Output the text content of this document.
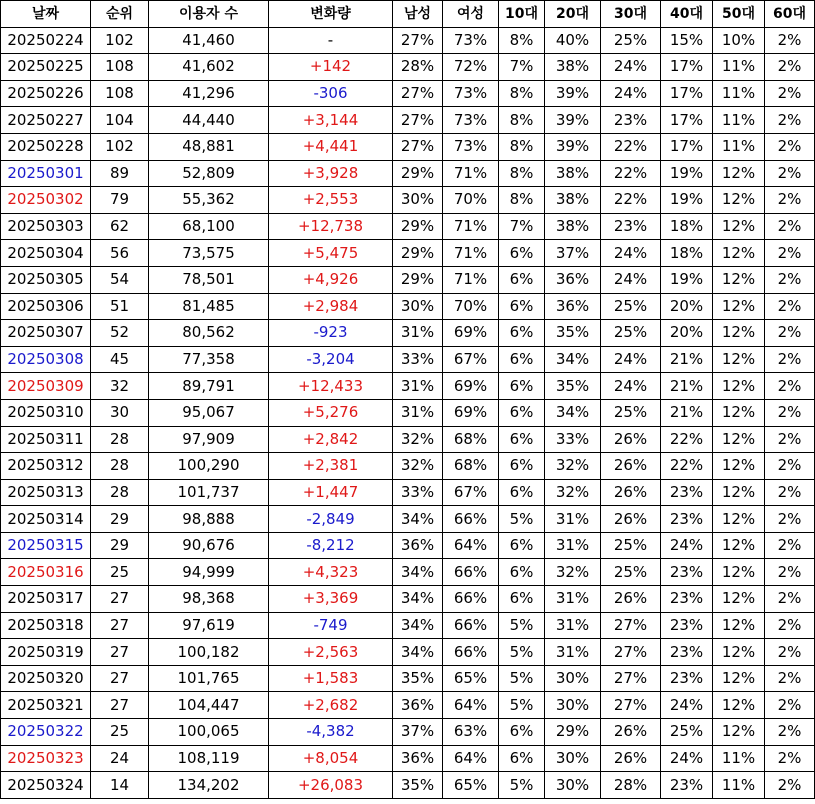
날짜	순위	이용자 수	변화량	남성	여성	10대	20대	30대	40대	50대	60대
20250224	102	41,460	-	27%	73%	8%	40%	25%	15%	10%	2%
20250225	108	41,602	+142	28%	72%	7%	38%	24%	17%	11%	2%
20250226	108	41,296	-306	27%	73%	8%	39%	24%	17%	11%	2%
20250227	104	44,440	+3,144	27%	73%	8%	39%	23%	17%	11%	2%
20250228	102	48,881	+4,441	27%	73%	8%	39%	22%	17%	11%	2%
20250301	89	52,809	+3,928	29%	71%	8%	38%	22%	19%	12%	2%
20250302	79	55,362	+2,553	30%	70%	8%	38%	22%	19%	12%	2%
20250303	62	68,100	+12,738	29%	71%	7%	38%	23%	18%	12%	2%
20250304	56	73,575	+5,475	29%	71%	6%	37%	24%	18%	12%	2%
20250305	54	78,501	+4,926	29%	71%	6%	36%	24%	19%	12%	2%
20250306	51	81,485	+2,984	30%	70%	6%	36%	25%	20%	12%	2%
20250307	52	80,562	-923	31%	69%	6%	35%	25%	20%	12%	2%
20250308	45	77,358	-3,204	33%	67%	6%	34%	24%	21%	12%	2%
20250309	32	89,791	+12,433	31%	69%	6%	35%	24%	21%	12%	2%
20250310	30	95,067	+5,276	31%	69%	6%	34%	25%	21%	12%	2%
20250311	28	97,909	+2,842	32%	68%	6%	33%	26%	22%	12%	2%
20250312	28	100,290	+2,381	32%	68%	6%	32%	26%	22%	12%	2%
20250313	28	101,737	+1,447	33%	67%	6%	32%	26%	23%	12%	2%
20250314	29	98,888	-2,849	34%	66%	5%	31%	26%	23%	12%	2%
20250315	29	90,676	-8,212	36%	64%	6%	31%	25%	24%	12%	2%
20250316	25	94,999	+4,323	34%	66%	6%	32%	25%	23%	12%	2%
20250317	27	98,368	+3,369	34%	66%	6%	31%	26%	23%	12%	2%
20250318	27	97,619	-749	34%	66%	5%	31%	27%	23%	12%	2%
20250319	27	100,182	+2,563	34%	66%	5%	31%	27%	23%	12%	2%
20250320	27	101,765	+1,583	35%	65%	5%	30%	27%	23%	12%	2%
20250321	27	104,447	+2,682	36%	64%	5%	30%	27%	24%	12%	2%
20250322	25	100,065	-4,382	37%	63%	6%	29%	26%	25%	12%	2%
20250323	24	108,119	+8,054	36%	64%	6%	30%	26%	24%	11%	2%
20250324	14	134,202	+26,083	35%	65%	5%	30%	28%	23%	11%	2%
